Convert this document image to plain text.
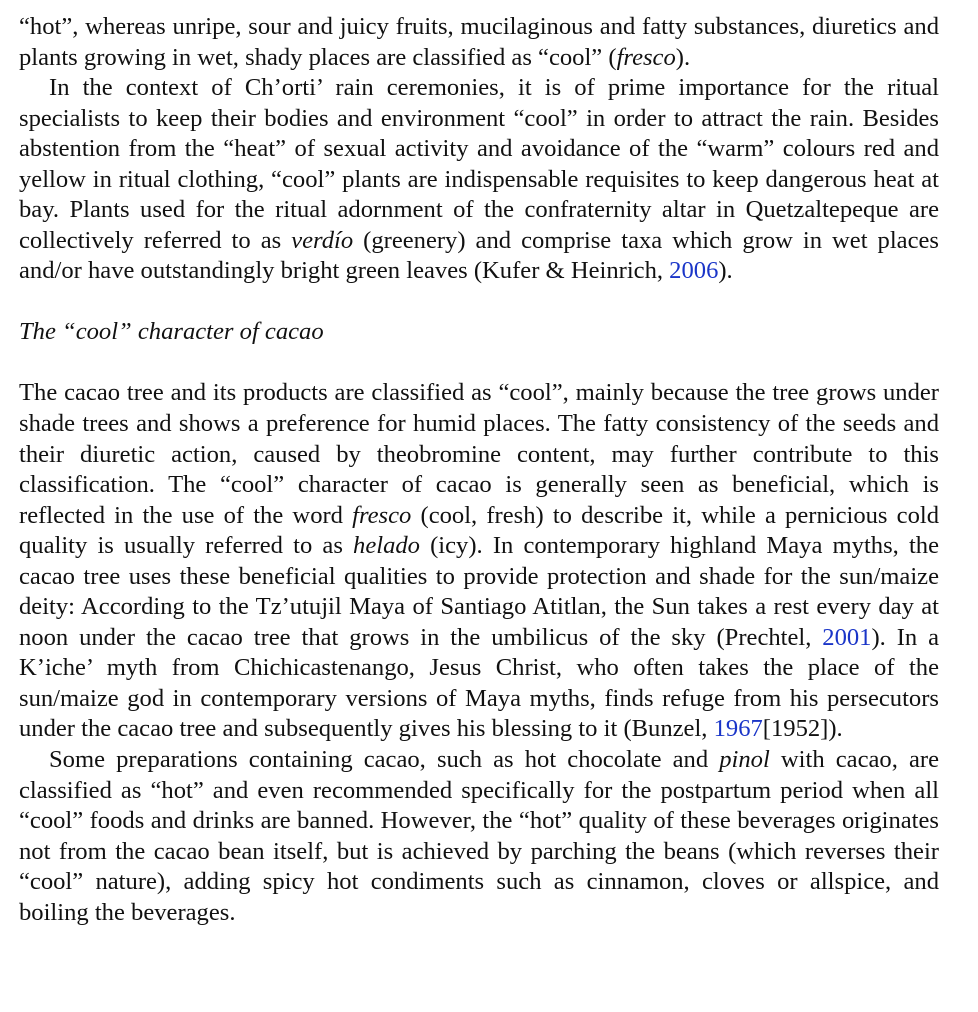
“hot”, whereas unripe, sour and juicy fruits, mucilaginous and fatty substances, diuretics and plants growing in wet, shady places are classified as “cool” (fresco).

In the context of Ch’orti’ rain ceremonies, it is of prime importance for the ritual specialists to keep their bodies and environment “cool” in order to attract the rain. Besides abstention from the “heat” of sexual activity and avoidance of the “warm” colours red and yellow in ritual clothing, “cool” plants are indispensable requisites to keep dangerous heat at bay. Plants used for the ritual adornment of the confraternity altar in Quetzaltepeque are collectively referred to as verdío (greenery) and comprise taxa which grow in wet places and/or have outstandingly bright green leaves (Kufer & Heinrich, 2006).

The “cool” character of cacao

The cacao tree and its products are classified as “cool”, mainly because the tree grows under shade trees and shows a preference for humid places. The fatty consistency of the seeds and their diuretic action, caused by theobromine content, may further contribute to this classification. The “cool” character of cacao is generally seen as beneficial, which is reflected in the use of the word fresco (cool, fresh) to describe it, while a pernicious cold quality is usually referred to as helado (icy). In contemporary highland Maya myths, the cacao tree uses these beneficial qualities to provide protection and shade for the sun/maize deity: According to the Tz’utujil Maya of Santiago Atitlan, the Sun takes a rest every day at noon under the cacao tree that grows in the umbilicus of the sky (Prechtel, 2001). In a K’iche’ myth from Chichicastenango, Jesus Christ, who often takes the place of the sun/maize god in contemporary versions of Maya myths, finds refuge from his persecutors under the cacao tree and subsequently gives his blessing to it (Bunzel, 1967[1952]).

Some preparations containing cacao, such as hot chocolate and pinol with cacao, are classified as “hot” and even recommended specifically for the postpartum period when all “cool” foods and drinks are banned. However, the “hot” quality of these beverages originates not from the cacao bean itself, but is achieved by parching the beans (which reverses their “cool” nature), adding spicy hot condiments such as cinnamon, cloves or allspice, and boiling the beverages.
